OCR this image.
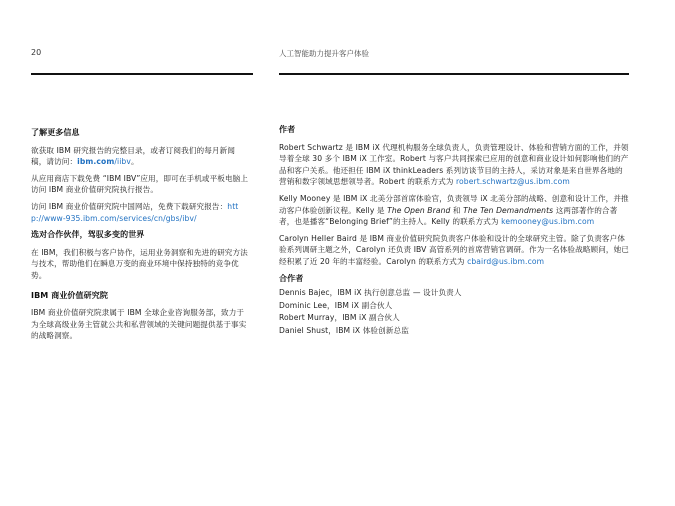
20	人工智能助力提升客户体验
了解更多信息

欲获取 IBM 研究报告的完整目录，或者订阅我们的每月新闻稿，请访问：ibm.com/iibv。

从应用商店下载免费 “IBM IBV”应用，即可在手机或平板电脑上访问 IBM 商业价值研究院执行报告。

访问 IBM 商业价值研究院中国网站，免费下载研究报告：http://www-935.ibm.com/services/cn/gbs/ibv/

选对合作伙伴，驾驭多变的世界

在 IBM，我们积极与客户协作，运用业务洞察和先进的研究方法与技术，帮助他们在瞬息万变的商业环境中保持独特的竞争优势。

IBM 商业价值研究院

IBM 商业价值研究院隶属于 IBM 全球企业咨询服务部，致力于为全球高级业务主管就公共和私营领域的关键问题提供基于事实的战略洞察。

作者

Robert Schwartz 是 IBM iX 代理机构服务全球负责人，负责管理设计、体验和营销方面的工作，并领导着全球 30 多个 IBM iX 工作室。Robert 与客户共同探索已应用的创意和商业设计如何影响他们的产品和客户关系。他还担任 IBM iX thinkLeaders 系列访谈节目的主持人，采访对象是来自世界各地的营销和数字领域思想领导者。Robert 的联系方式为 robert.schwartz@us.ibm.com

Kelly Mooney 是 IBM iX 北美分部首席体验官，负责领导 iX 北美分部的战略、创意和设计工作，并推动客户体验创新议程。Kelly 是 The Open Brand 和 The Ten Demandments 这两部著作的合著者，也是播客“Belonging Brief”的主持人。Kelly 的联系方式为 kemooney@us.ibm.com

Carolyn Heller Baird 是 IBM 商业价值研究院负责客户体验和设计的全球研究主管。除了负责客户体验系列调研主题之外，Carolyn 还负责 IBV 高管系列的首席营销官调研。作为一名体验战略顾问，她已经积累了近 20 年的丰富经验。Carolyn 的联系方式为 cbaird@us.ibm.com

合作者
Dennis Bajec，IBM iX 执行创意总监 — 设计负责人
Dominic Lee，IBM iX 副合伙人
Robert Murray，IBM iX 副合伙人
Daniel Shust，IBM iX 体验创新总监
